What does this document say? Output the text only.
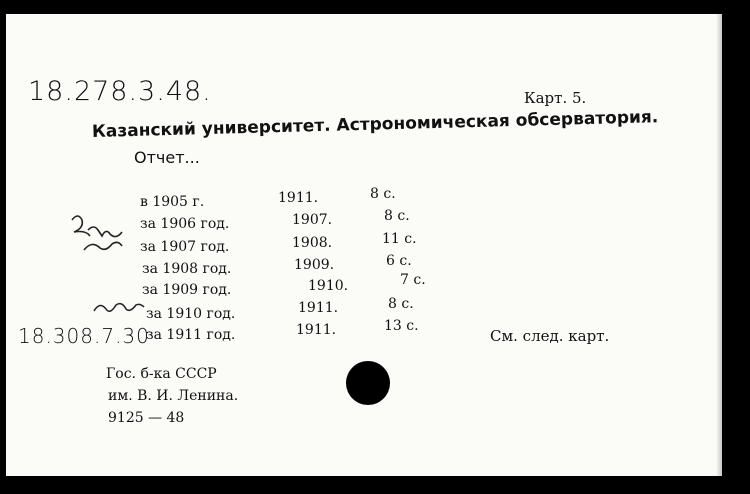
18.278.3.48.	Карт. 5.
Казанский университет. Астрономическая обсерватория.
Отчет...
в 1905 г.	1911.	8 с.
за 1906 год.	1907.	8 с.
за 1907 год.	1908.	11 с.
за 1908 год.	1909.	6 с.
за 1909 год.	1910.	7 с.
за 1910 год.	1911.	8 с.
за 1911 год.	1911.	13 с.
18.308.7.30	См. след. карт.
Гос. б-ка СССР
им. В. И. Ленина.
9125 — 48
